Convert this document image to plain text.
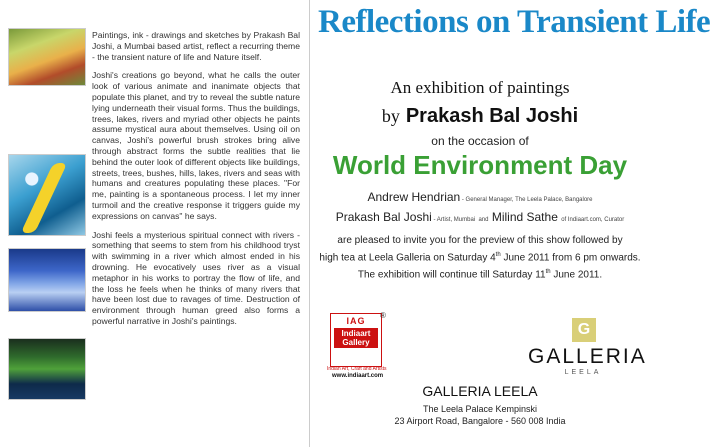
Paintings, ink - drawings and sketches by Prakash Bal Joshi, a Mumbai based artist, reflect a recurring theme - the transient nature of life and Nature itself.

Joshi's creations go beyond, what he calls the outer look of various animate and inanimate objects that populate this planet, and try to reveal the subtle nature lying underneath their visual forms. Thus the buildings, trees, lakes, rivers and myriad other objects he paints assume mystical aura about themselves. Using oil on canvas, Joshi's powerful brush strokes bring alive through abstract forms the subtle realities that lie behind the outer look of different objects like buildings, streets, trees, bushes, hills, lakes, rivers and seas with humans and creatures populating these places. "For me, painting is a spontaneous process. I let my inner turmoil and the creative response it triggers guide my expressions on canvas" he says.

Joshi feels a mysterious spiritual connect with rivers - something that seems to stem from his childhood tryst with swimming in a river which almost ended in his drowning. He evocatively uses river as a visual metaphor in his works to portray the flow of life, and the loss he feels when he thinks of many rivers that have been lost due to ravages of time. Destruction of environment through human greed also forms a powerful narrative in Joshi's paintings.

Reflections on Transient Life
An exhibition of paintings
by Prakash Bal Joshi
on the occasion of
World Environment Day
Andrew Hendrian - General Manager, The Leela Palace, Bangalore
Prakash Bal Joshi - Artist, Mumbai and Milind Sathe of Indiaart.com, Curator
are pleased to invite you for the preview of this show followed by
high tea at Leela Galleria on Saturday 4th June 2011 from 6 pm onwards.
The exhibition will continue till Saturday 11th June 2011.
IAG
Indiaart Gallery
®
Indian Art, Craft and Artists
www.indiaart.com
G
GALLERIA
LEELA
GALLERIA LEELA
The Leela Palace Kempinski
23 Airport Road, Bangalore - 560 008 India
